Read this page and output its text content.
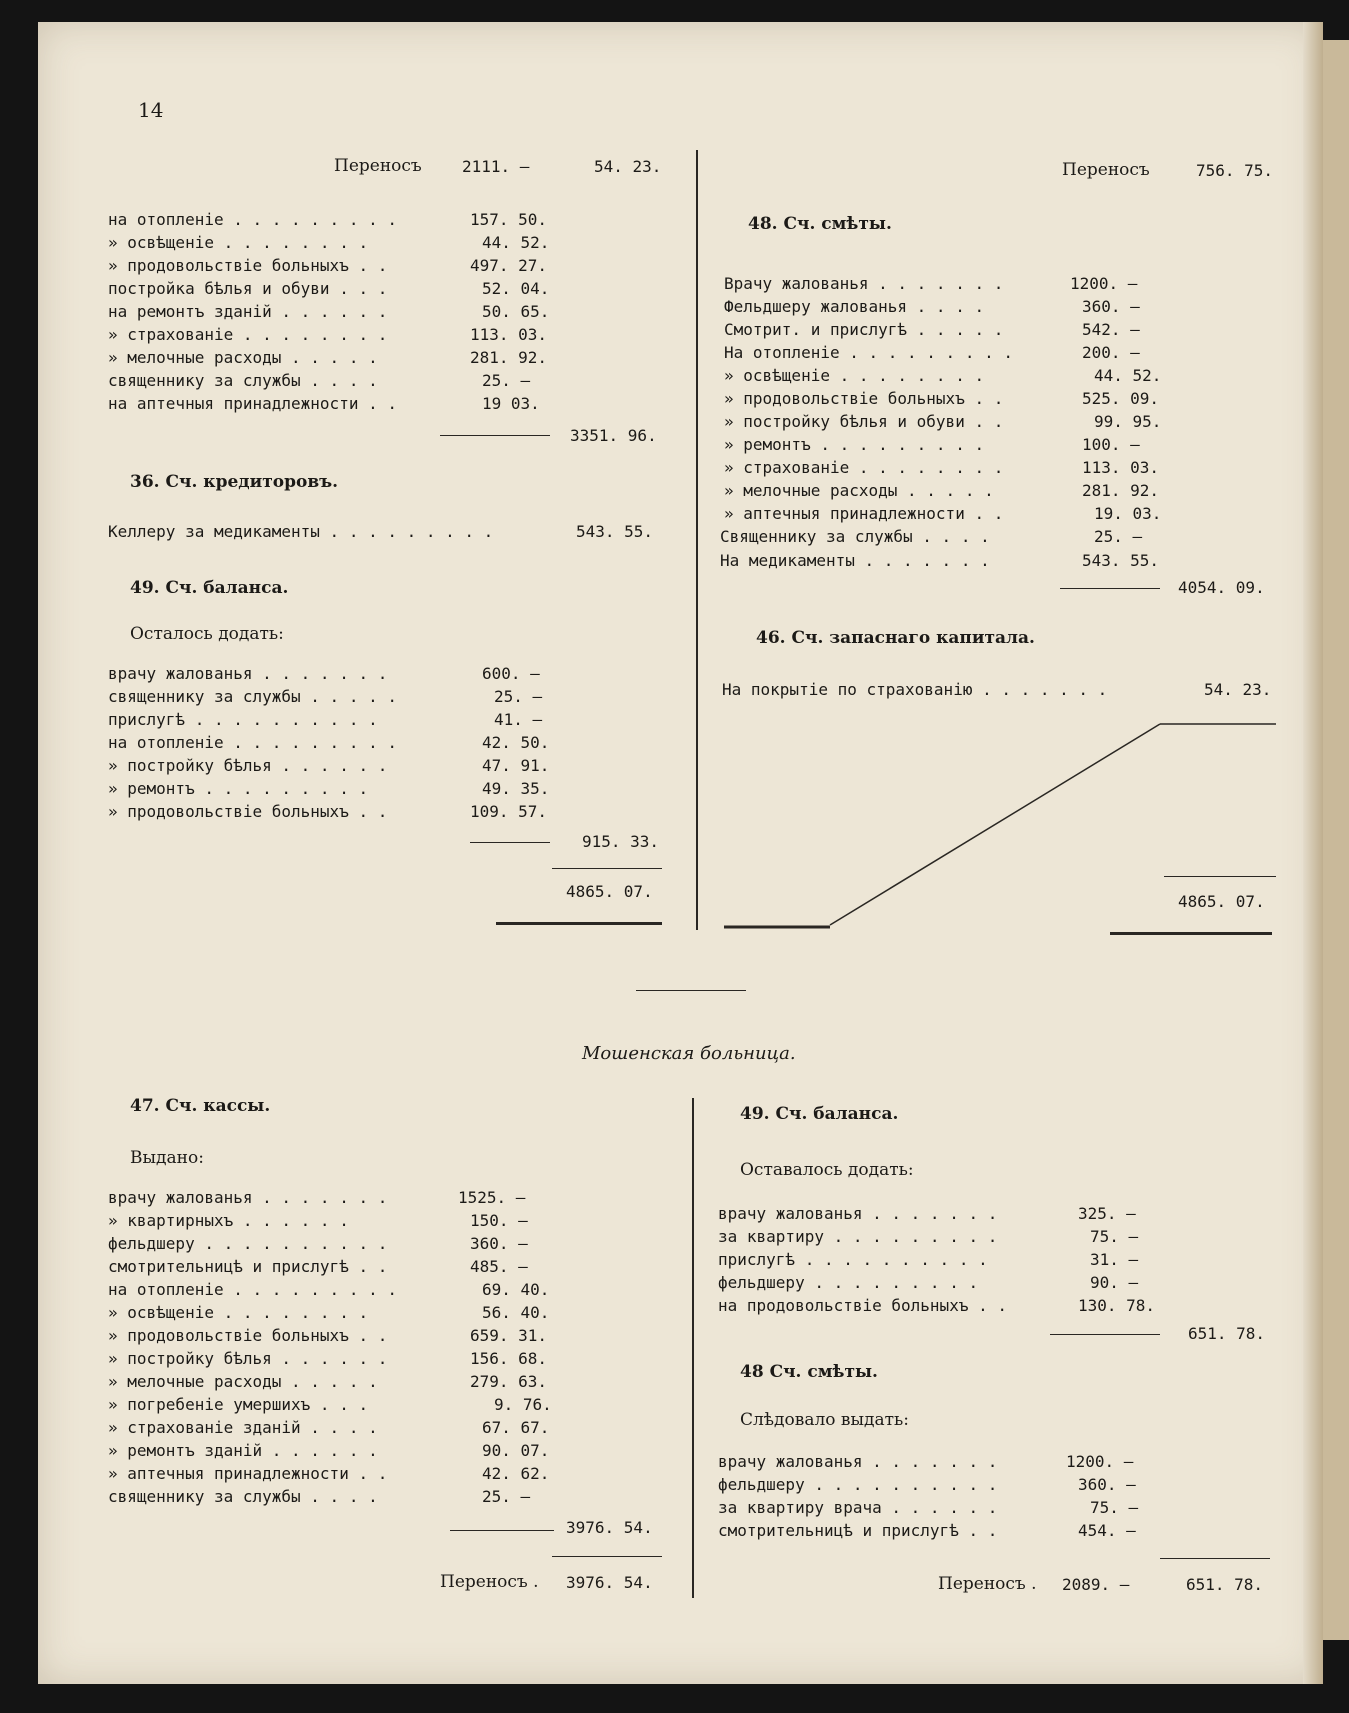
14
Переносъ	2111. —	54. 23.	Переносъ	756. 75.
на отопленіе . . . . . . . . .	157. 50.
» освѣщеніе . . . . . . . .	44. 52.
» продовольствіе больныхъ . .	497. 27.
постройка бѣлья и обуви . . .	52. 04.
на ремонтъ зданій . . . . . .	50. 65.
» страхованіе . . . . . . . .	113. 03.
» мелочные расходы . . . . .	281. 92.
священнику за службы . . . .	25. —
на аптечныя принадлежности . .	19 03.
3351. 96.
36. Сч. кредиторовъ.
Келлеру за медикаменты . . . . . . . . .	543. 55.
49. Сч. баланса.
Осталось додать:
врачу жалованья . . . . . . .	600. —
священнику за службы . . . . .	25. —
прислугѣ . . . . . . . . . .	41. —
на отопленіе . . . . . . . . .	42. 50.
» постройку бѣлья . . . . . .	47. 91.
» ремонтъ . . . . . . . . .	49. 35.
» продовольствіе больныхъ . .	109. 57.
915. 33.
4865. 07.
48. Сч. смѣты.
Врачу жалованья . . . . . . .	1200. —
Фельдшеру жалованья . . . .	360. —
Смотрит. и прислугѣ . . . . .	542. —
На отопленіе . . . . . . . . .	200. —
» освѣщеніе . . . . . . . .	44. 52.
» продовольствіе больныхъ . .	525. 09.
» постройку бѣлья и обуви . .	99. 95.
» ремонтъ . . . . . . . . .	100. —
» страхованіе . . . . . . . .	113. 03.
» мелочные расходы . . . . .	281. 92.
» аптечныя принадлежности . .	19. 03.
Священнику за службы . . . .	25. —
На медикаменты . . . . . . .	543. 55.
4054. 09.
46. Сч. запаснаго капитала.
На покрытіе по страхованію . . . . . . .	54. 23.
4865. 07.
Мошенская больница.
47. Сч. кассы.
Выдано:
врачу жалованья . . . . . . .	1525. —
» квартирныхъ . . . . . .	150. —
фельдшеру . . . . . . . . . .	360. —
смотрительницѣ и прислугѣ . .	485. —
на отопленіе . . . . . . . . .	69. 40.
» освѣщеніе . . . . . . . .	56. 40.
» продовольствіе больныхъ . .	659. 31.
» постройку бѣлья . . . . . .	156. 68.
» мелочные расходы . . . . .	279. 63.
» погребеніе умершихъ . . .	9. 76.
» страхованіе зданій . . . .	67. 67.
» ремонтъ зданій . . . . . .	90. 07.
» аптечныя принадлежности . .	42. 62.
священнику за службы . . . .	25. —
3976. 54.
Переносъ . 3976. 54.
49. Сч. баланса.
Оставалось додать:
врачу жалованья . . . . . . .	325. —
за квартиру . . . . . . . . .	75. —
прислугѣ . . . . . . . . . .	31. —
фельдшеру . . . . . . . . .	90. —
на продовольствіе больныхъ . .	130. 78.
651. 78.
48 Сч. смѣты.
Слѣдовало выдать:
врачу жалованья . . . . . . .	1200. —
фельдшеру . . . . . . . . . .	360. —
за квартиру врача . . . . . .	75. —
смотрительницѣ и прислугѣ . .	454. —
Переносъ . 2089. —	651. 78.
